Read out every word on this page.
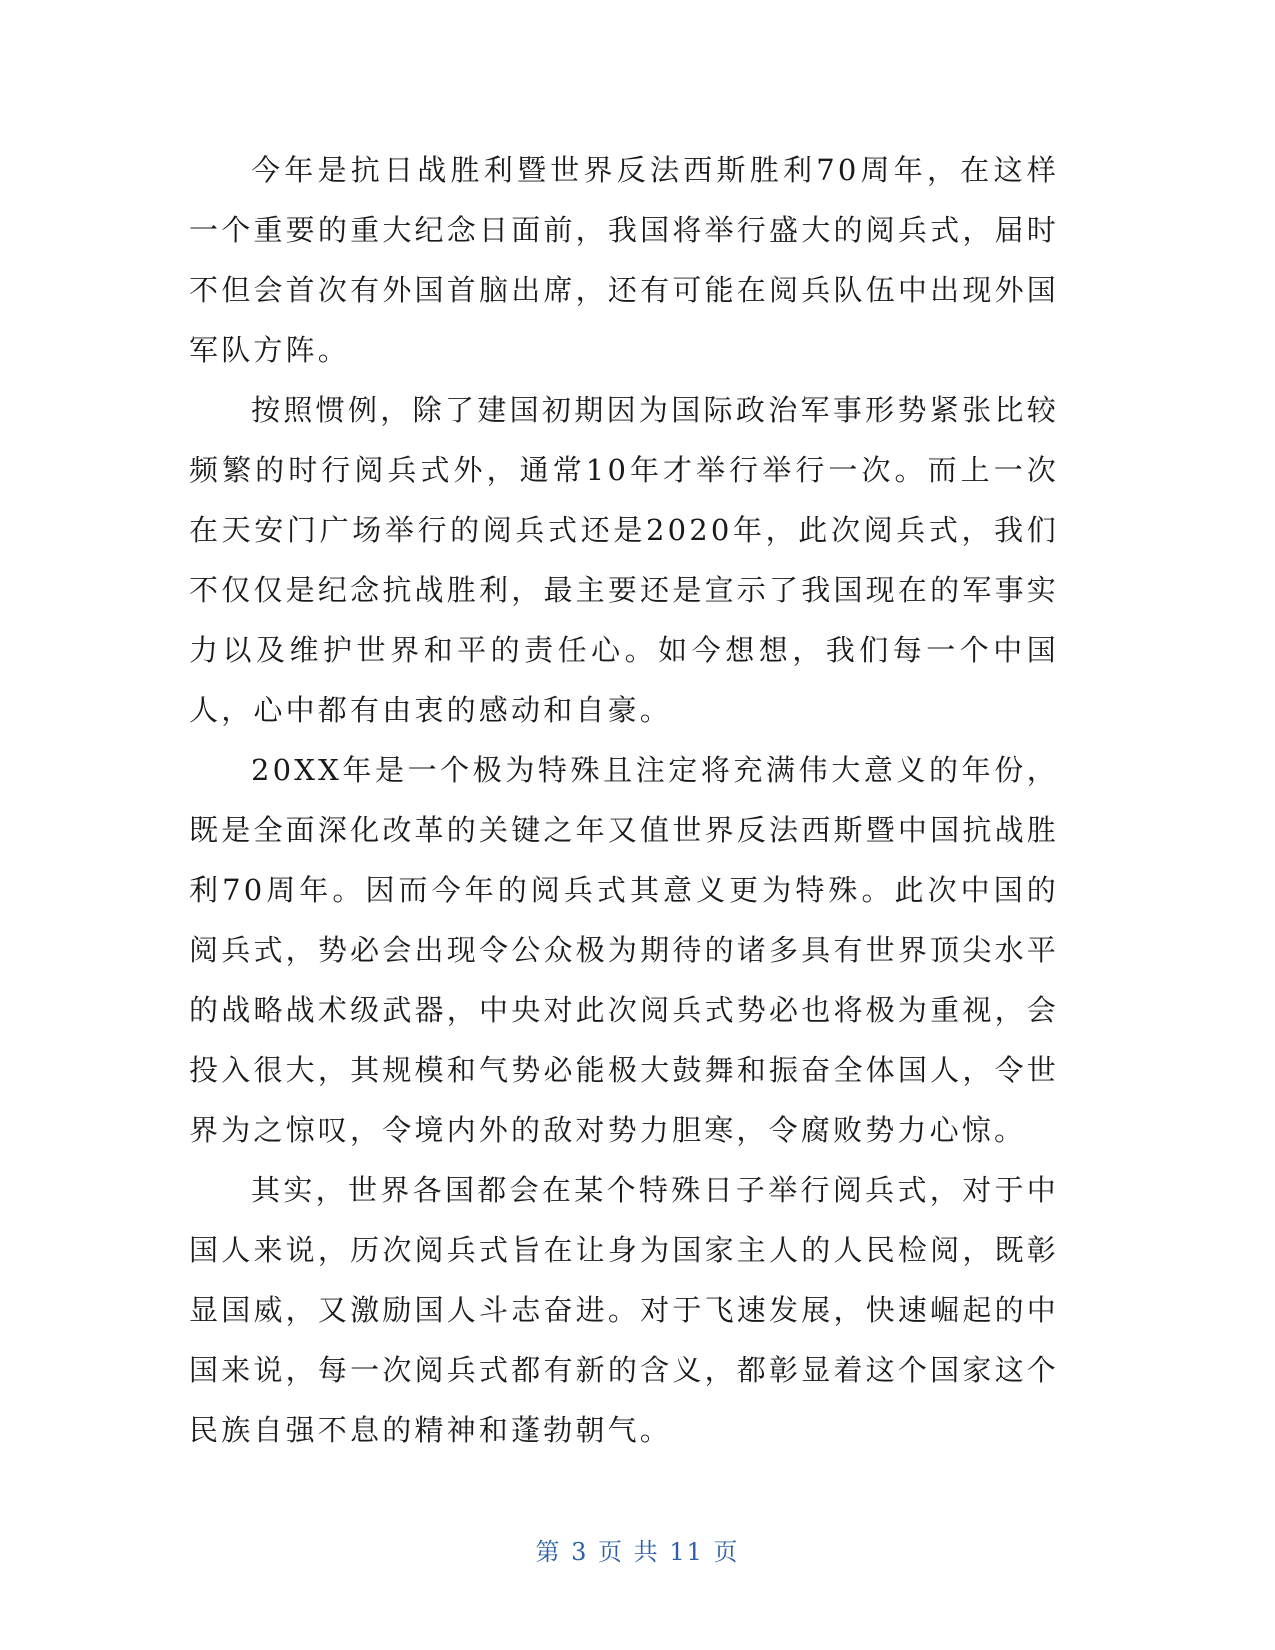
今年是抗日战胜利暨世界反法西斯胜利70周年，在这样一个重要的重大纪念日面前，我国将举行盛大的阅兵式，届时不但会首次有外国首脑出席，还有可能在阅兵队伍中出现外国军队方阵。

按照惯例，除了建国初期因为国际政治军事形势紧张比较频繁的时行阅兵式外，通常10年才举行举行一次。而上一次在天安门广场举行的阅兵式还是2020年，此次阅兵式，我们不仅仅是纪念抗战胜利，最主要还是宣示了我国现在的军事实力以及维护世界和平的责任心。如今想想，我们每一个中国人，心中都有由衷的感动和自豪。

20XX年是一个极为特殊且注定将充满伟大意义的年份，既是全面深化改革的关键之年又值世界反法西斯暨中国抗战胜利70周年。因而今年的阅兵式其意义更为特殊。此次中国的阅兵式，势必会出现令公众极为期待的诸多具有世界顶尖水平的战略战术级武器，中央对此次阅兵式势必也将极为重视，会投入很大，其规模和气势必能极大鼓舞和振奋全体国人，令世界为之惊叹，令境内外的敌对势力胆寒，令腐败势力心惊。

其实，世界各国都会在某个特殊日子举行阅兵式，对于中国人来说，历次阅兵式旨在让身为国家主人的人民检阅，既彰显国威，又激励国人斗志奋进。对于飞速发展，快速崛起的中国来说，每一次阅兵式都有新的含义，都彰显着这个国家这个民族自强不息的精神和蓬勃朝气。

第 3 页 共 11 页
